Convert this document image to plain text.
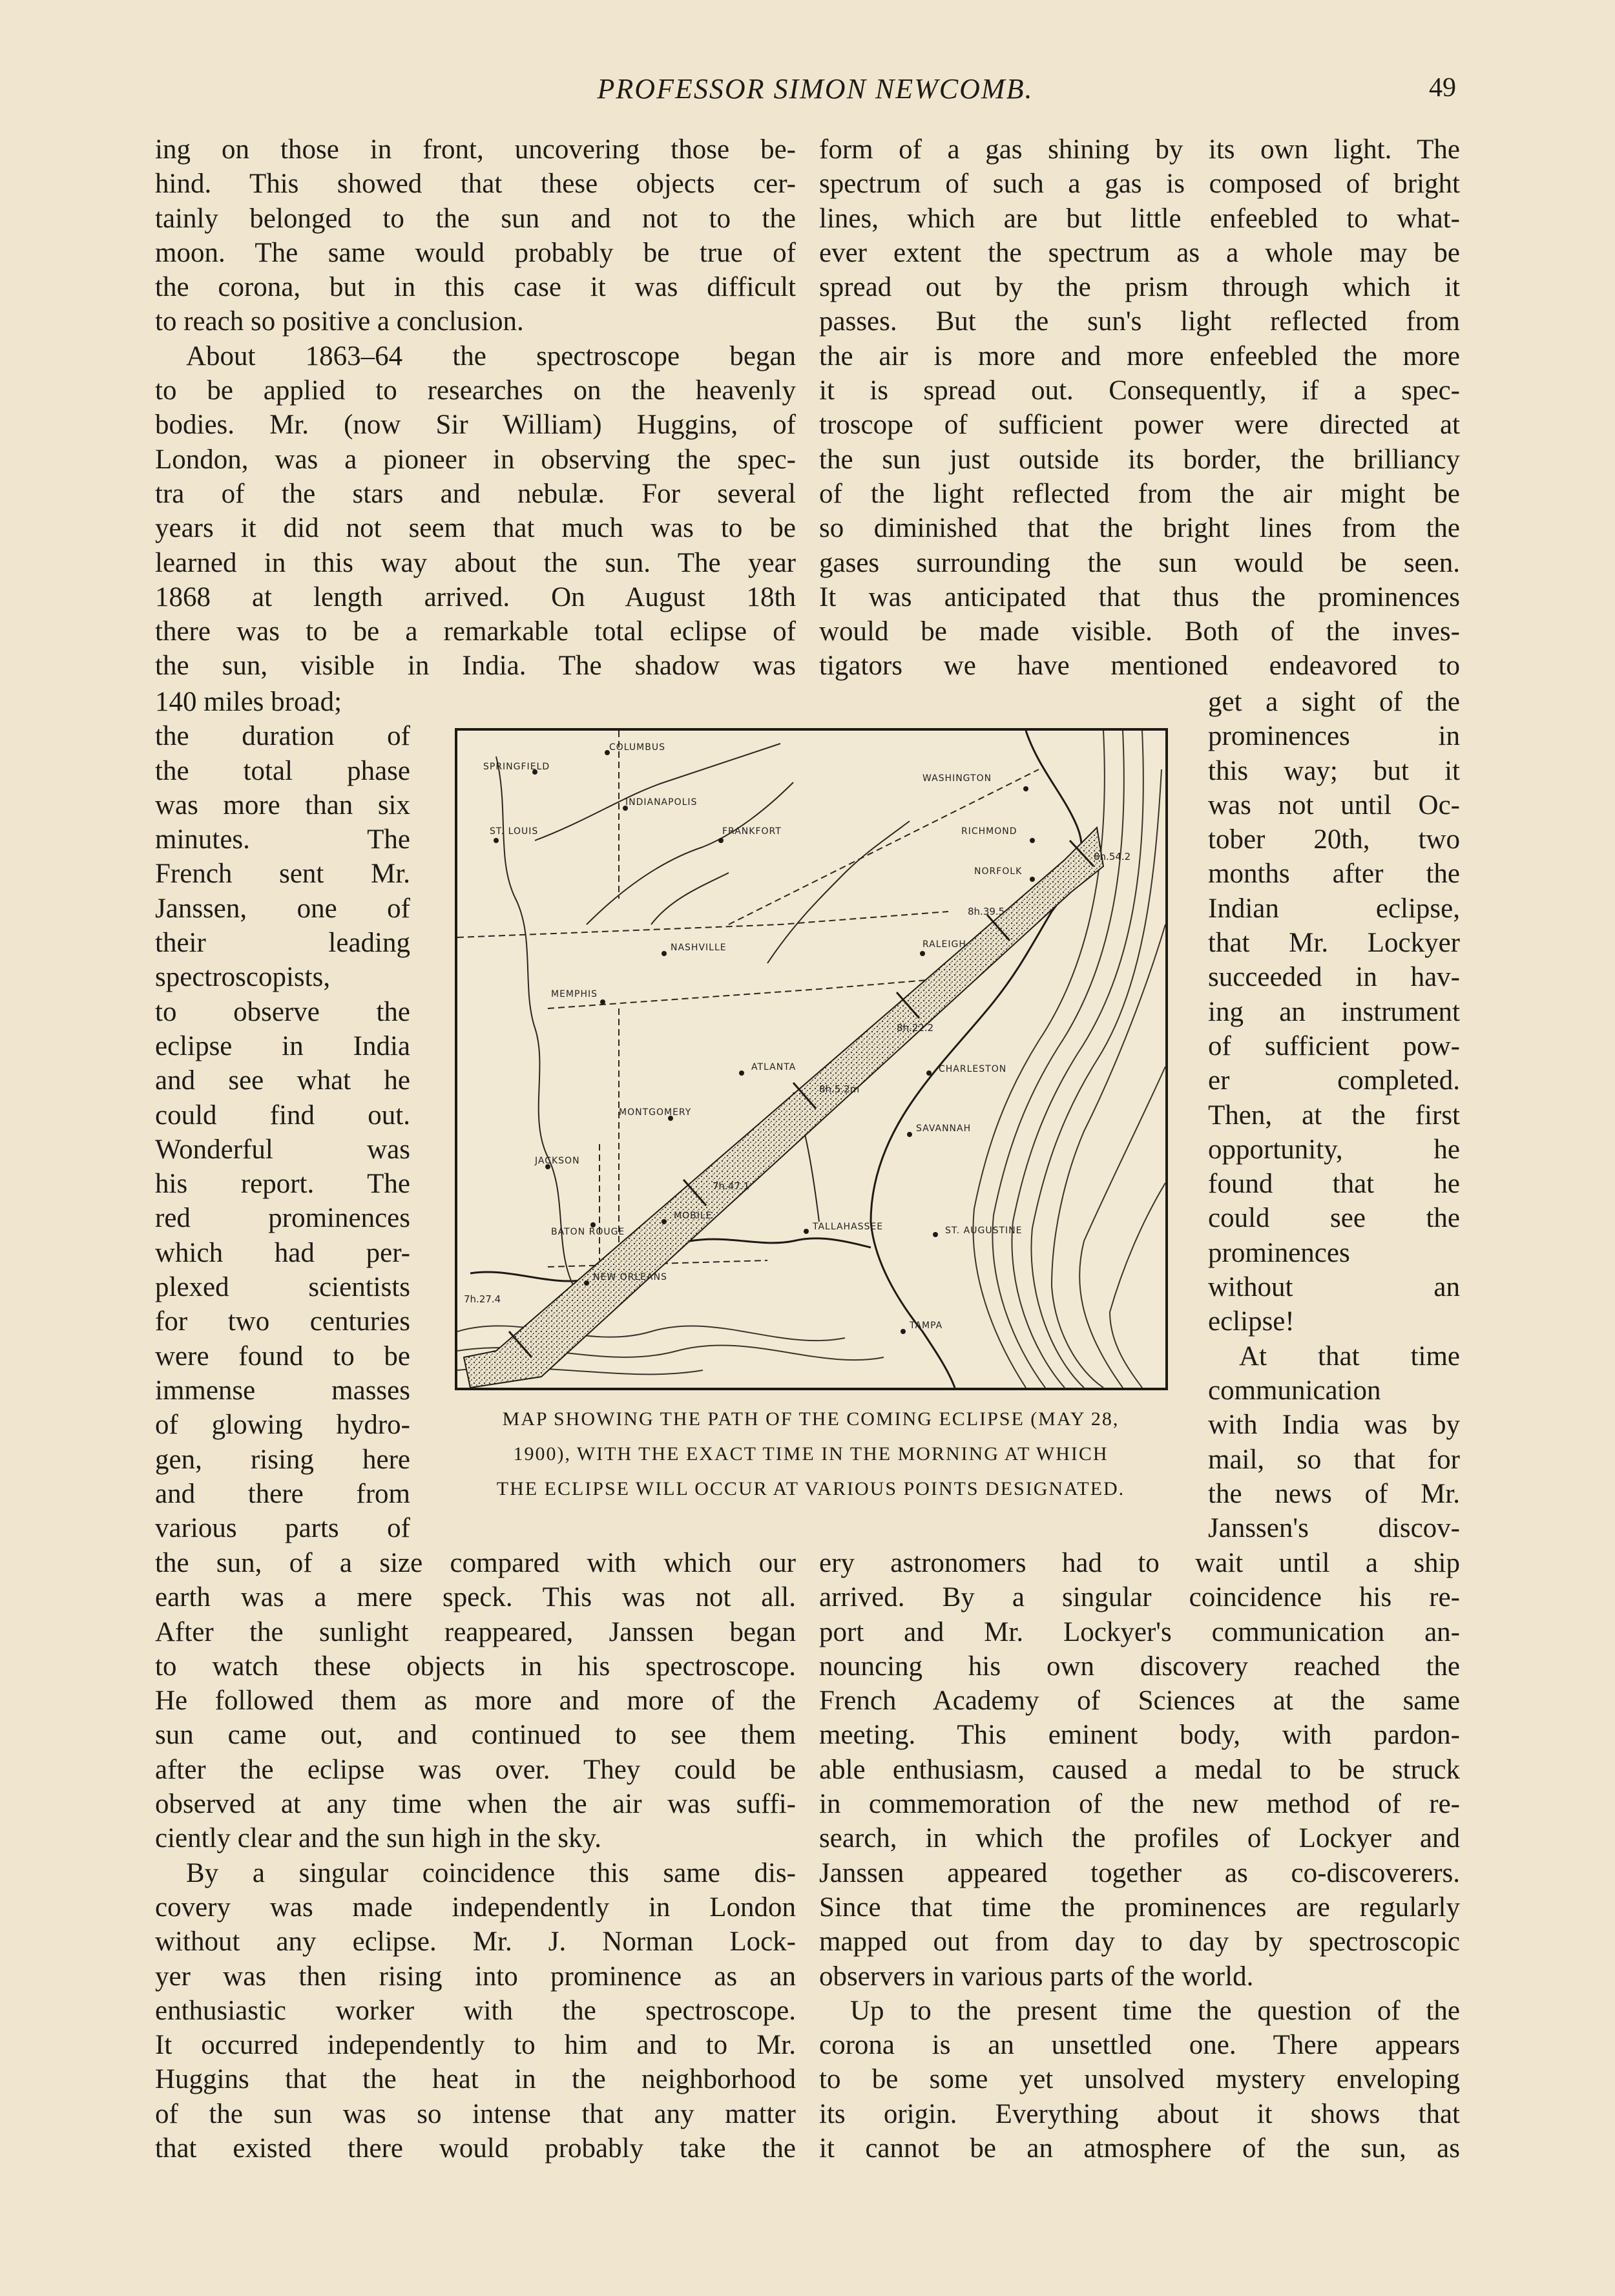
PROFESSOR SIMON NEWCOMB.	49

ing on those in front, uncovering those be-
hind. This showed that these objects cer-
tainly belonged to the sun and not to the
moon. The same would probably be true of
the corona, but in this case it was difficult
to reach so positive a conclusion.

About 1863–64 the spectroscope began

to be applied to researches on the heavenly
bodies. Mr. (now Sir William) Huggins, of
London, was a pioneer in observing the spec-
tra of the stars and nebulæ. For several
years it did not seem that much was to be
learned in this way about the sun. The year
1868 at length arrived. On August 18th
there was to be a remarkable total eclipse of
the sun, visible in India. The shadow was

form of a gas shining by its own light. The
spectrum of such a gas is composed of bright
lines, which are but little enfeebled to what-
ever extent the spectrum as a whole may be
spread out by the prism through which it
passes. But the sun's light reflected from
the air is more and more enfeebled the more
it is spread out. Consequently, if a spec-
troscope of sufficient power were directed at
the sun just outside its border, the brilliancy
of the light reflected from the air might be
so diminished that the bright lines from the
gases surrounding the sun would be seen.
It was anticipated that thus the prominences
would be made visible. Both of the inves-
tigators we have mentioned endeavored to

140 miles broad;
the duration of
the total phase
was more than six
minutes. The
French sent Mr.
Janssen, one of
their leading
spectroscopists,
to observe the
eclipse in India
and see what he
could find out.
Wonderful was
his report. The
red prominences
which had per-
plexed scientists
for two centuries
were found to be
immense masses
of glowing hydro-
gen, rising here
and there from
various parts of

COLUMBUS
SPRINGFIELD
INDIANAPOLIS
WASHINGTON
ST. LOUIS	FRANKFORT	RICHMOND
NORFOLK
RALEIGH
NASHVILLE
MEMPHIS
ATLANTA	CHARLESTON
MONTGOMERY
SAVANNAH
JACKSON
BATON ROUGE
MOBILE
TALLAHASSEE	ST. AUGUSTINE
NEW ORLEANS
TAMPA
8h.54.2
8h.39.5
8h.22.2
8h.5.2m
7h.47.1
7h.27.4
MAP SHOWING THE PATH OF THE COMING ECLIPSE (MAY 28,
1900), WITH THE EXACT TIME IN THE MORNING AT WHICH
THE ECLIPSE WILL OCCUR AT VARIOUS POINTS DESIGNATED.

get a sight of the
prominences in
this way; but it
was not until Oc-
tober 20th, two
months after the
Indian eclipse,
that Mr. Lockyer
succeeded in hav-
ing an instrument
of sufficient pow-
er completed.
Then, at the first
opportunity, he
found that he
could see the
prominences
without an
eclipse!

At that time

communication
with India was by
mail, so that for
the news of Mr.
Janssen's discov-

the sun, of a size compared with which our
earth was a mere speck. This was not all.
After the sunlight reappeared, Janssen began
to watch these objects in his spectroscope.
He followed them as more and more of the
sun came out, and continued to see them
after the eclipse was over. They could be
observed at any time when the air was suffi-
ciently clear and the sun high in the sky.

By a singular coincidence this same dis-

covery was made independently in London
without any eclipse. Mr. J. Norman Lock-
yer was then rising into prominence as an
enthusiastic worker with the spectroscope.
It occurred independently to him and to Mr.
Huggins that the heat in the neighborhood
of the sun was so intense that any matter
that existed there would probably take the

ery astronomers had to wait until a ship
arrived. By a singular coincidence his re-
port and Mr. Lockyer's communication an-
nouncing his own discovery reached the
French Academy of Sciences at the same
meeting. This eminent body, with pardon-
able enthusiasm, caused a medal to be struck
in commemoration of the new method of re-
search, in which the profiles of Lockyer and
Janssen appeared together as co-discoverers.
Since that time the prominences are regularly
mapped out from day to day by spectroscopic
observers in various parts of the world.

Up to the present time the question of the

corona is an unsettled one. There appears
to be some yet unsolved mystery enveloping
its origin. Everything about it shows that
it cannot be an atmosphere of the sun, as
